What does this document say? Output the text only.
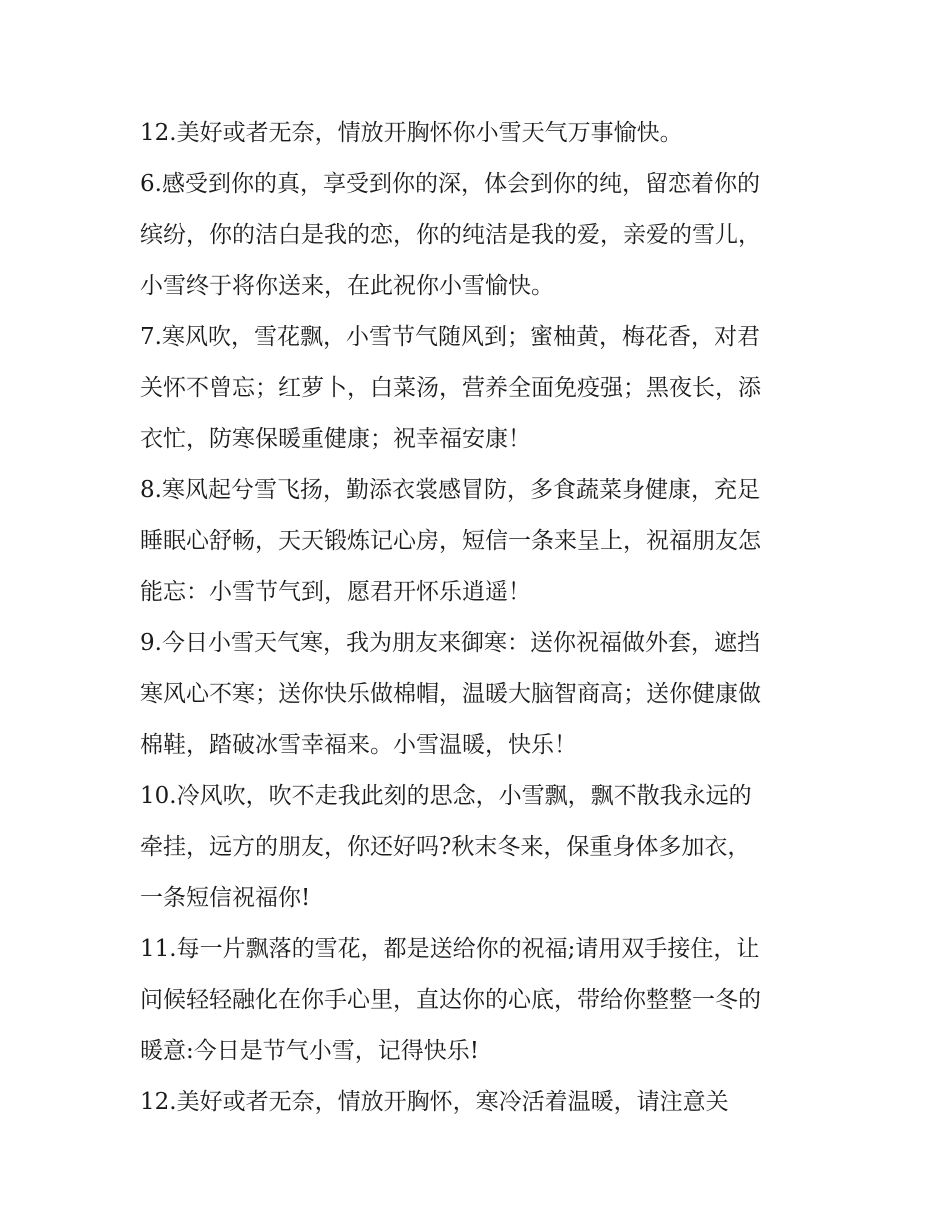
12.美好或者无奈，情放开胸怀你小雪天气万事愉快。
6.感受到你的真，享受到你的深，体会到你的纯，留恋着你的
缤纷，你的洁白是我的恋，你的纯洁是我的爱，亲爱的雪儿，
小雪终于将你送来，在此祝你小雪愉快。
7.寒风吹，雪花飘，小雪节气随风到；蜜柚黄，梅花香，对君
关怀不曾忘；红萝卜，白菜汤，营养全面免疫强；黑夜长，添
衣忙，防寒保暖重健康；祝幸福安康！
8.寒风起兮雪飞扬，勤添衣裳感冒防，多食蔬菜身健康，充足
睡眠心舒畅，天天锻炼记心房，短信一条来呈上，祝福朋友怎
能忘：小雪节气到，愿君开怀乐逍遥！
9.今日小雪天气寒，我为朋友来御寒：送你祝福做外套，遮挡
寒风心不寒；送你快乐做棉帽，温暖大脑智商高；送你健康做
棉鞋，踏破冰雪幸福来。小雪温暖，快乐！
10.冷风吹，吹不走我此刻的思念，小雪飘，飘不散我永远的
牵挂，远方的朋友，你还好吗?秋末冬来，保重身体多加衣，
一条短信祝福你!
11.每一片飘落的雪花，都是送给你的祝福;请用双手接住，让
问候轻轻融化在你手心里，直达你的心底，带给你整整一冬的
暖意:今日是节气小雪，记得快乐!
12.美好或者无奈，情放开胸怀，寒冷活着温暖，请注意关
